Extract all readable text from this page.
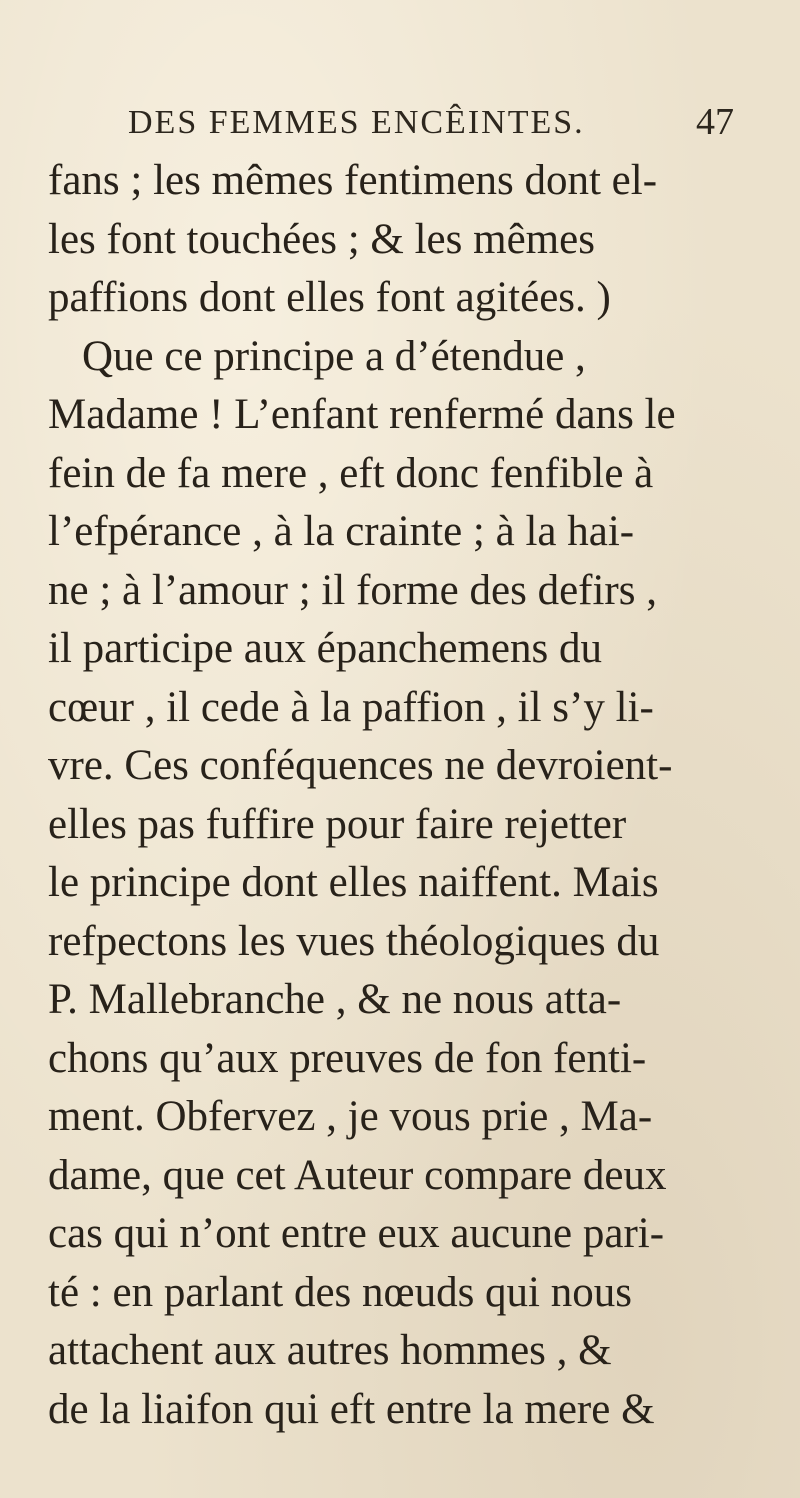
DES FEMMES ENCÊINTES.	47
fans ; les mêmes fentimens dont el-
les font touchées ; & les mêmes
paffions dont elles font agitées. )
Que ce principe a d’étendue ,
Madame ! L’enfant renfermé dans le
fein de fa mere , eft donc fenfible à
l’efpérance , à la crainte ; à la hai-
ne ; à l’amour ; il forme des defirs ,
il participe aux épanchemens du
cœur , il cede à la paffion , il s’y li-
vre. Ces conféquences ne devroient-
elles pas fuffire pour faire rejetter
le principe dont elles naiffent. Mais
refpectons les vues théologiques du
P. Mallebranche , & ne nous atta-
chons qu’aux preuves de fon fenti-
ment. Obfervez , je vous prie , Ma-
dame, que cet Auteur compare deux
cas qui n’ont entre eux aucune pari-
té : en parlant des nœuds qui nous
attachent aux autres hommes , &
de la liaifon qui eft entre la mere &
